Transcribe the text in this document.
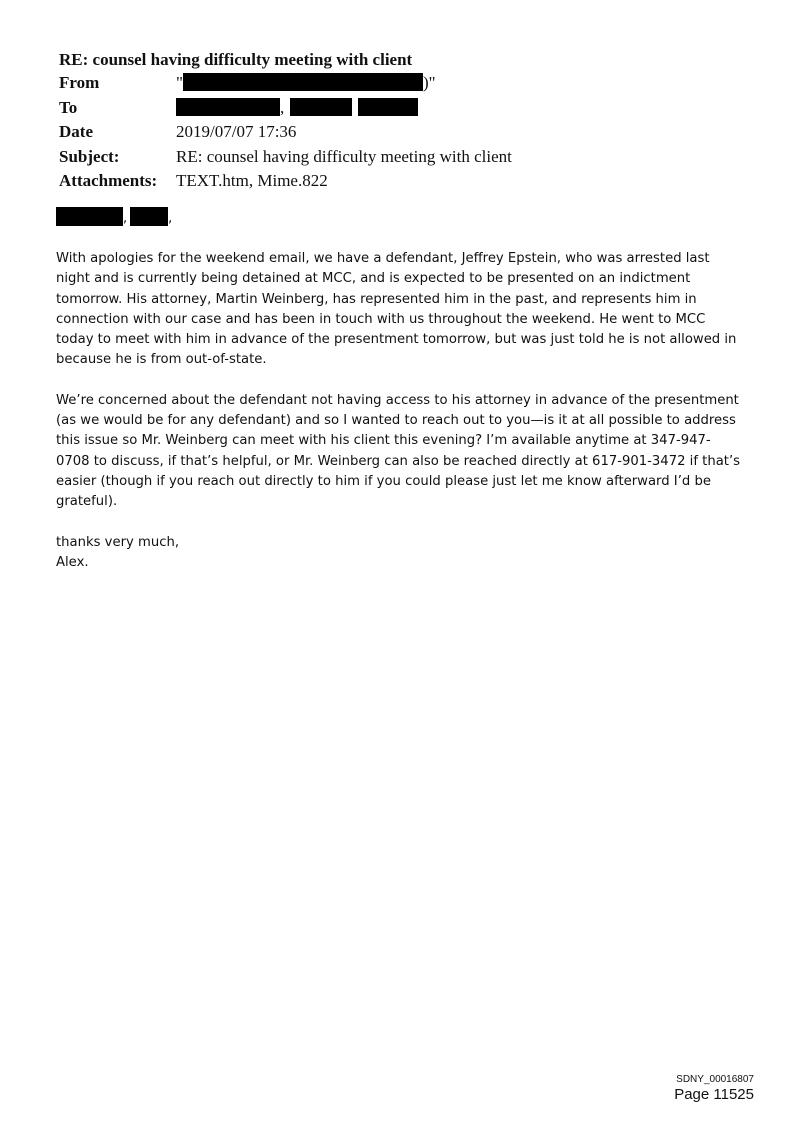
RE: counsel having difficulty meeting with client
From	" )"
To	,
Date	2019/07/07 17:36
Subject:	RE: counsel having difficulty meeting with client
Attachments:	TEXT.htm, Mime.822
,	,

With apologies for the weekend email, we have a defendant, Jeffrey Epstein, who was arrested last
night and is currently being detained at MCC, and is expected to be presented on an indictment
tomorrow. His attorney, Martin Weinberg, has represented him in the past, and represents him in
connection with our case and has been in touch with us throughout the weekend. He went to MCC
today to meet with him in advance of the presentment tomorrow, but was just told he is not allowed in
because he is from out-of-state.

We’re concerned about the defendant not having access to his attorney in advance of the presentment
(as we would be for any defendant) and so I wanted to reach out to you—is it at all possible to address
this issue so Mr. Weinberg can meet with his client this evening? I’m available anytime at 347-947-
0708 to discuss, if that’s helpful, or Mr. Weinberg can also be reached directly at 617-901-3472 if that’s
easier (though if you reach out directly to him if you could please just let me know afterward I’d be
grateful).

thanks very much,
Alex.

SDNY_00016807
Page 11525
